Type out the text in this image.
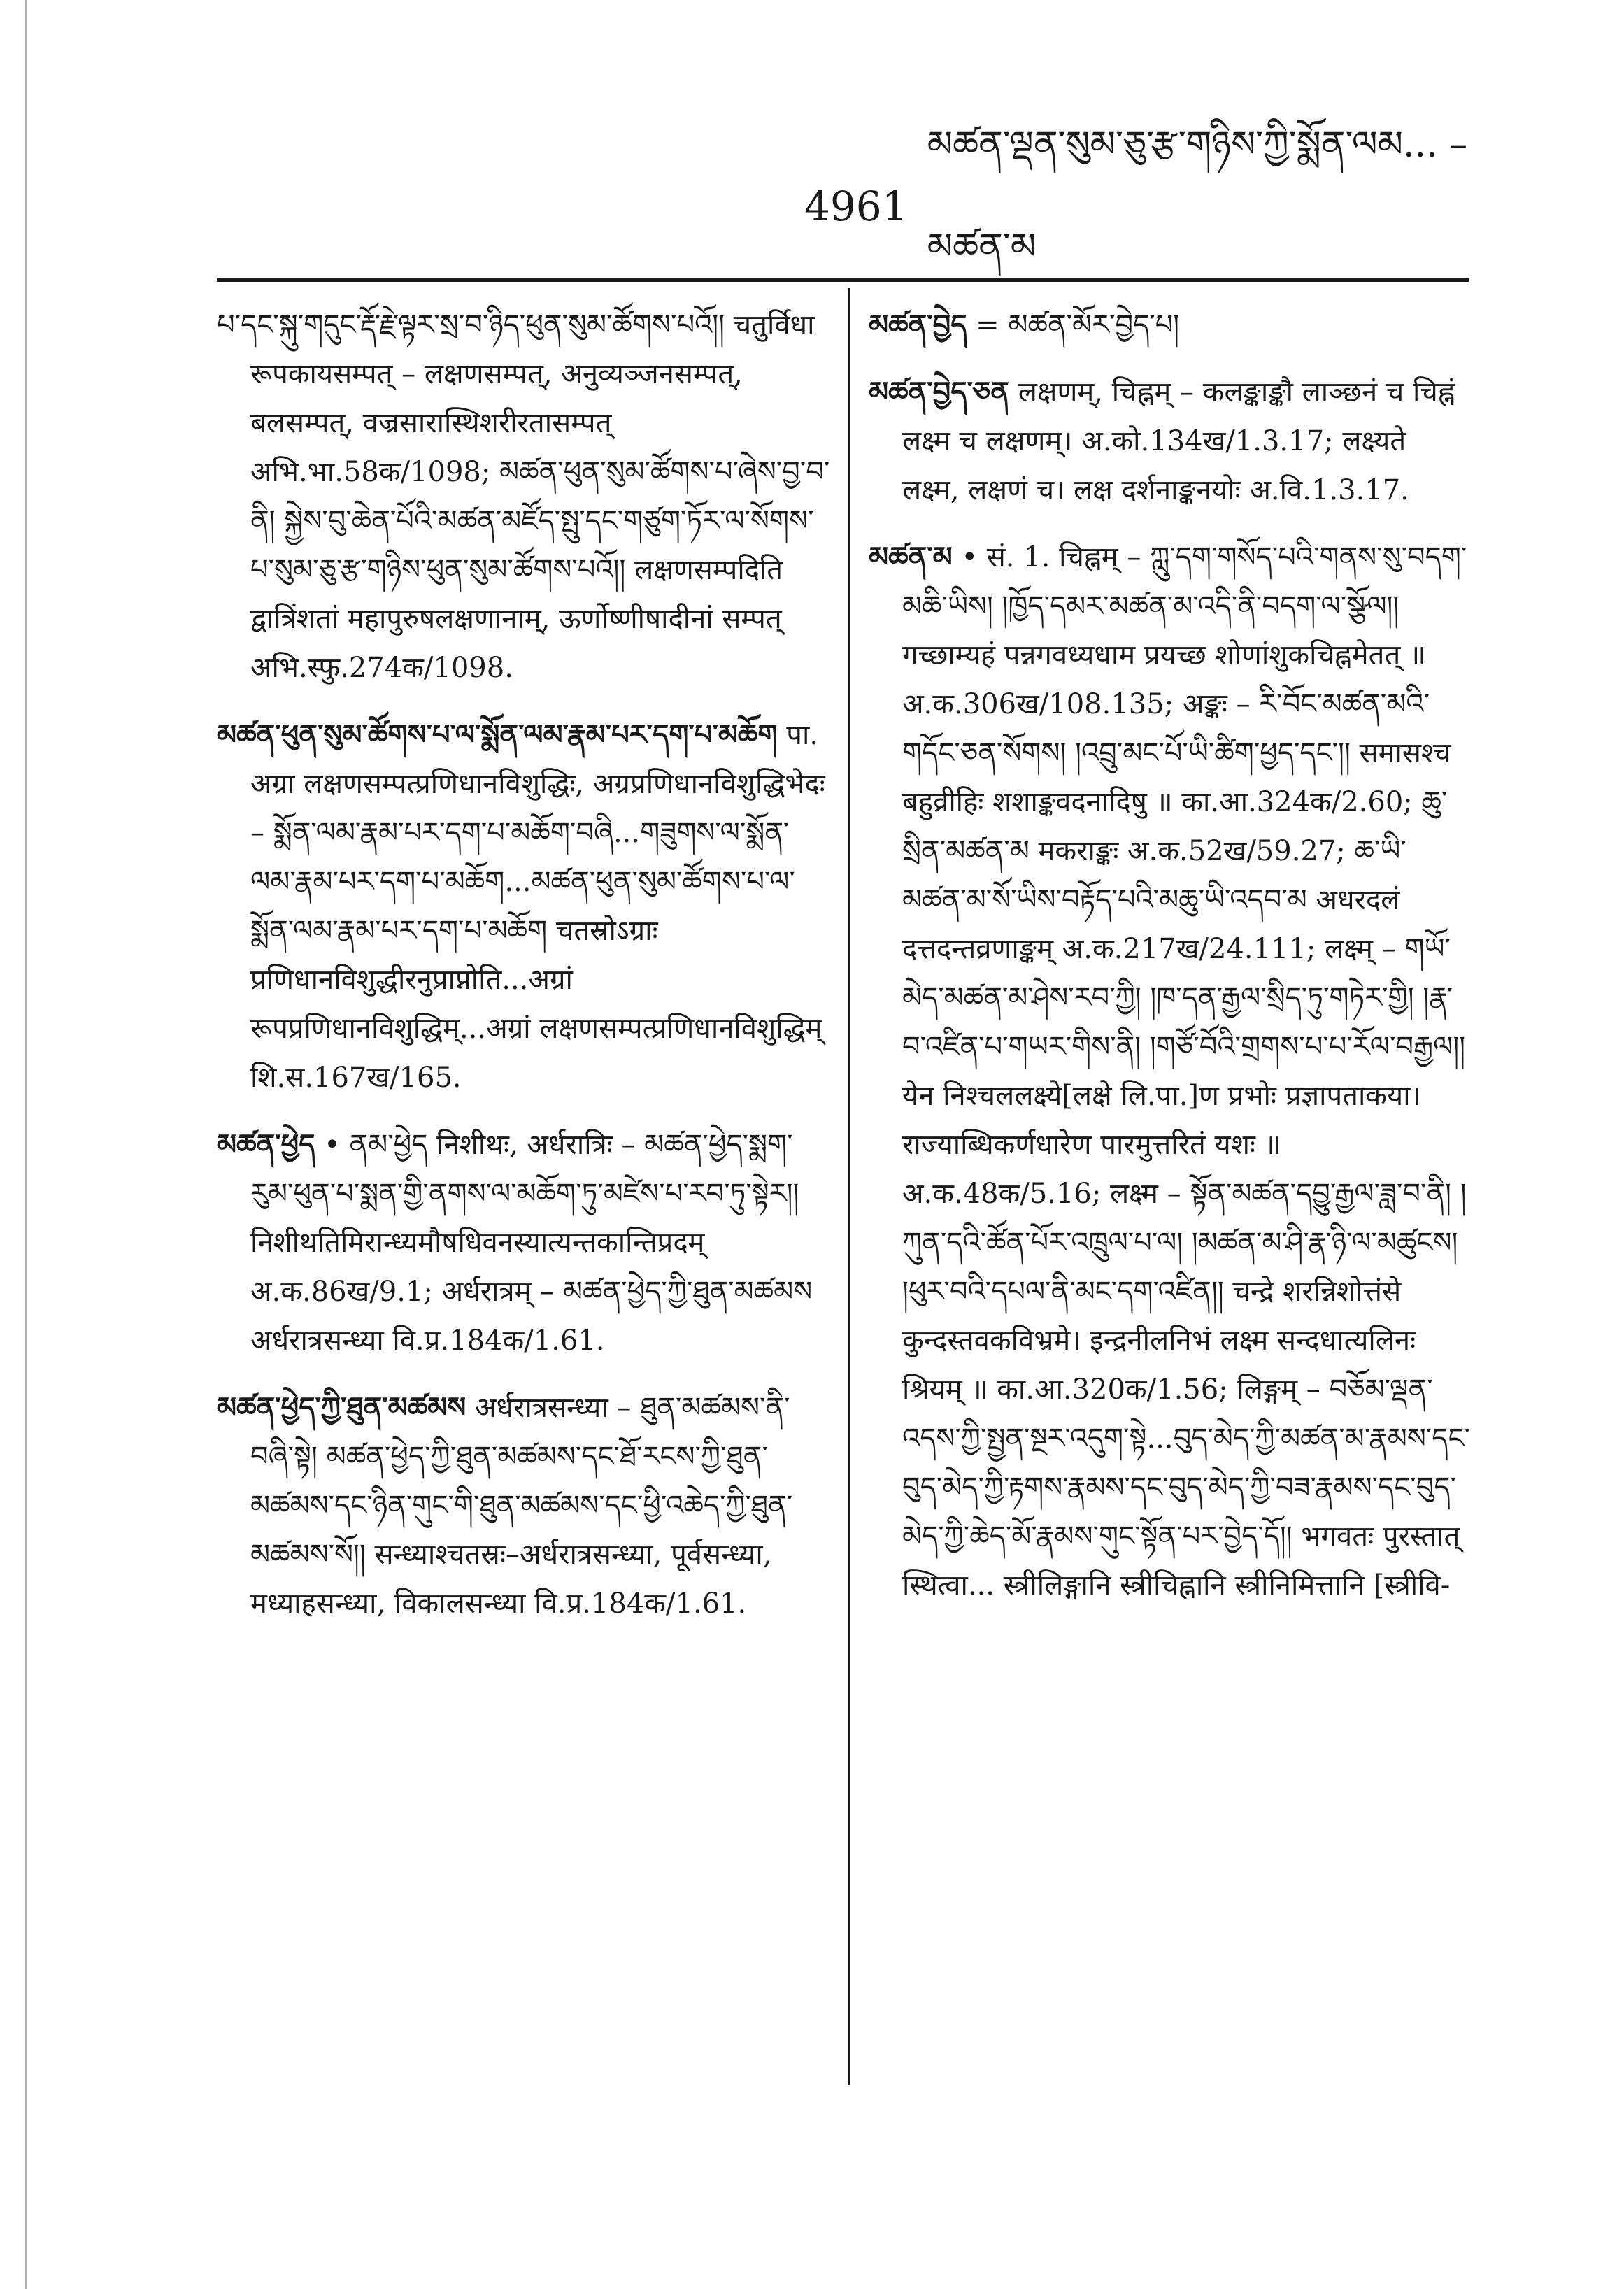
4961
མཚན་ལྡན་སུམ་ཅུ་རྩ་གཉིས་ཀྱི་སྨོན་ལམ... – མཚན་མ

པ་དང་སྐུ་གདུང་རྡོ་རྗེ་ལྟར་སྲ་བ་ཉིད་ཕུན་སུམ་ཚོགས་པའོ།། चतुर्विधा रूपकायसम्पत् – लक्षणसम्पत्, अनुव्यञ्जनसम्पत्, बलसम्पत्, वज्रसारास्थिशरीरतासम्पत् अभि.भा.58क/1098; མཚན་ཕུན་སུམ་ཚོགས་པ་ཞེས་བྱ་བ་ནི། སྐྱེས་བུ་ཆེན་པོའི་མཚན་མཛོད་སྤུ་དང་གཙུག་ཏོར་ལ་སོགས་པ་སུམ་ཅུ་རྩ་གཉིས་ཕུན་སུམ་ཚོགས་པའོ།། लक्षणसम्पदिति द्वात्रिंशतां महापुरुषलक्षणानाम्, ऊर्णोष्णीषादीनां सम्पत् अभि.स्फु.274क/1098.

མཚན་ཕུན་སུམ་ཚོགས་པ་ལ་སྨོན་ལམ་རྣམ་པར་དག་པ་མཆོག पा. अग्रा लक्षणसम्पत्प्रणिधानविशुद्धिः, अग्रप्रणिधानविशुद्धिभेदः – སྨོན་ལམ་རྣམ་པར་དག་པ་མཆོག་བཞི...གཟུགས་ལ་སྨོན་ལམ་རྣམ་པར་དག་པ་མཆོག...མཚན་ཕུན་སུམ་ཚོགས་པ་ལ་སྨོན་ལམ་རྣམ་པར་དག་པ་མཆོག चतस्रोऽग्राः प्रणिधानविशुद्धीरनुप्राप्नोति...अग्रां रूपप्रणिधानविशुद्धिम्...अग्रां लक्षणसम्पत्प्रणिधानविशुद्धिम् शि.स.167ख/165.

མཚན་ཕྱེད • ནམ་ཕྱེད निशीथः, अर्धरात्रिः – མཚན་ཕྱེད་སྨག་རུམ་ཕུན་པ་སྨན་གྱི་ནགས་ལ་མཆོག་ཏུ་མཛེས་པ་རབ་ཏུ་སྟེར།། निशीथतिमिरान्ध्यमौषधिवनस्यात्यन्तकान्तिप्रदम् अ.क.86ख/9.1; अर्धरात्रम् – མཚན་ཕྱེད་ཀྱི་ཐུན་མཚམས अर्धरात्रसन्ध्या वि.प्र.184क/1.61.

མཚན་ཕྱེད་ཀྱི་ཐུན་མཚམས अर्धरात्रसन्ध्या – ཐུན་མཚམས་ནི་བཞི་སྟེ། མཚན་ཕྱེད་ཀྱི་ཐུན་མཚམས་དང་ཐོ་རངས་ཀྱི་ཐུན་མཚམས་དང་ཉིན་གུང་གི་ཐུན་མཚམས་དང་ཕྱི་འཆེད་ཀྱི་ཐུན་མཚམས་སོ།། सन्ध्याश्चतस्रः–अर्धरात्रसन्ध्या, पूर्वसन्ध्या, मध्याहसन्ध्या, विकालसन्ध्या वि.प्र.184क/1.61.

མཚན་བྱེད = མཚན་མོར་བྱེད་པ།

མཚན་བྱེད་ཅན लक्षणम्, चिह्नम् – कलङ्काङ्कौ लाञ्छनं च चिह्नं लक्ष्म च लक्षणम्। अ.को.134ख/1.3.17; लक्ष्यते लक्ष्म, लक्षणं च। लक्ष दर्शनाङ्कनयोः अ.वि.1.3.17.

མཚན་མ • सं. 1. चिह्नम् – ཀླུ་དག་གསོད་པའི་གནས་སུ་བདག་མཆི་ཡིས། །ཁྱོད་དམར་མཚན་མ་འདི་ནི་བདག་ལ་སྩོལ།། गच्छाम्यहं पन्नगवध्यधाम प्रयच्छ शोणांशुकचिह्नमेतत् ॥ अ.क.306ख/108.135; अङ्कः – རི་བོང་མཚན་མའི་གདོང་ཅན་སོགས། །འབྲུ་མང་པོ་ཡི་ཚིག་ཕྱད་དང་།། समासश्च बहुव्रीहिः शशाङ्कवदनादिषु ॥ का.आ.324क/2.60; ཆུ་སྲིན་མཚན་མ मकराङ्कः अ.क.52ख/59.27; ཆ་ཡི་མཚན་མ་སོ་ཡིས་བརྟོད་པའི་མཆུ་ཡི་འདབ་མ अधरदलं दत्तदन्तव्रणाङ्कम् अ.क.217ख/24.111; लक्ष्म् – གཡོ་མེད་མཚན་མ་ཤེས་རབ་ཀྱི། །ཁ་དན་རྒྱལ་སྲིད་ཏུ་གཏེར་གྱི། །རྣ་བ་འཛིན་པ་གཡར་གིས་ནི། །གཙོ་བོའི་གྲགས་པ་པ་རོལ་བརྒྱལ།། येन निश्चललक्ष्ये[लक्षे लि.पा.]ण प्रभोः प्रज्ञापताकया। राज्याब्धिकर्णधारेण पारमुत्तरितं यशः ॥ अ.क.48क/5.16; लक्ष्म – སྟོན་མཚན་དབྱུ་རྒྱལ་ཟླ་བ་ནི། །ཀུན་དའི་ཚོན་པོར་འཁྲུལ་པ་ལ། །མཚན་མ་ཤི་རྣ་ཉི་ལ་མཚུངས། །ཕུར་བའི་དཔལ་ནི་མང་དག་འཛིན།། चन्द्रे शरन्निशोत्तंसे कुन्दस्तवकविभ्रमे। इन्द्रनीलनिभं लक्ष्म सन्दधात्यलिनः श्रियम् ॥ का.आ.320क/1.56; लिङ्गम् – བཅོམ་ལྡན་འདས་ཀྱི་སྤྱན་སྔར་འདུག་སྟེ...བུད་མེད་ཀྱི་མཚན་མ་རྣམས་དང་བུད་མེད་ཀྱི་རྟགས་རྣམས་དང་བུད་མེད་ཀྱི་བཟ་རྣམས་དང་བུད་མེད་ཀྱི་ཆེད་མོ་རྣམས་གུང་སྟོན་པར་བྱེད་དོ།། भगवतः पुरस्तात् स्थित्वा... स्त्रीलिङ्गानि स्त्रीचिह्नानि स्त्रीनिमित्तानि [स्त्रीवि-
